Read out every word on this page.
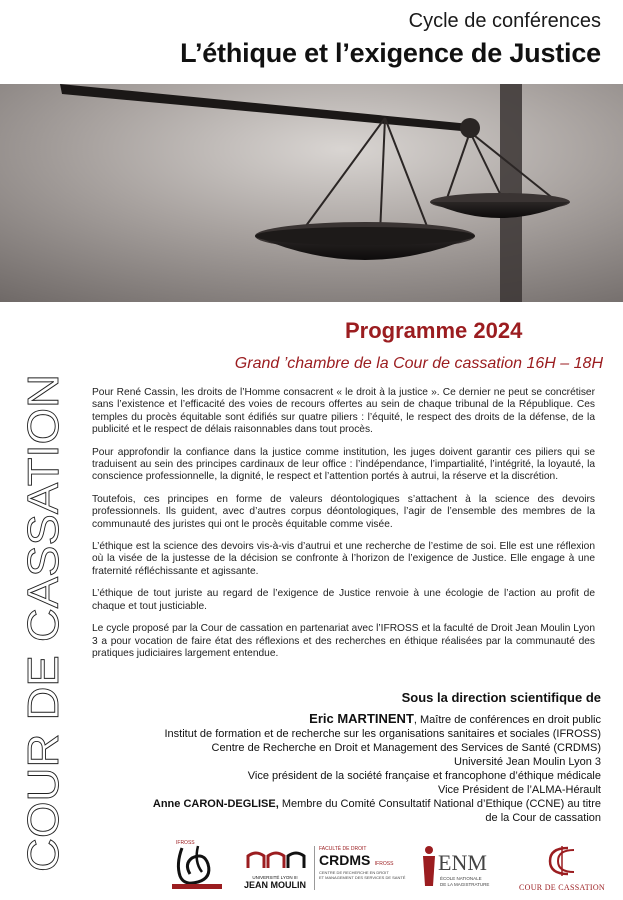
Cycle de conférences
L’éthique et l’exigence de Justice
COUR DE CASSATION
Programme 2024
Grand ’chambre de la Cour de cassation 16H – 18H

Pour René Cassin, les droits de l’Homme consacrent « le droit à la justice ». Ce dernier ne peut se concrétiser sans l’existence et l’efficacité des voies de recours offertes au sein de chaque tribunal de la République. Ces temples du procès équitable sont édifiés sur quatre piliers : l’équité, le respect des droits de la défense, de la publicité et le respect de délais raisonnables dans tout procès.

Pour approfondir la confiance dans la justice comme institution, les juges doivent garantir ces piliers qui se traduisent au sein des principes cardinaux de leur office : l’indépendance, l’impartialité, l’intégrité, la loyauté, la conscience professionnelle, la dignité, le respect et l’attention portés à autrui, la réserve et la discrétion.

Toutefois, ces principes en forme de valeurs déontologiques s’attachent à la science des devoirs professionnels. Ils guident, avec d’autres corpus déontologiques, l’agir de l’ensemble des membres de la communauté des juristes qui ont le procès équitable comme visée.

L’éthique est la science des devoirs vis-à-vis d’autrui et une recherche de l’estime de soi. Elle est une réflexion où la visée de la justesse de la décision se confronte à l’horizon de l’exigence de Justice. Elle engage à une fraternité réfléchissante et agissante.

L’éthique de tout juriste au regard de l’exigence de Justice renvoie à une écologie de l’action au profit de chaque et tout justiciable.

Le cycle proposé par la Cour de cassation en partenariat avec l’IFROSS et la faculté de Droit Jean Moulin Lyon 3 a pour vocation de faire état des réflexions et des recherches en éthique réalisées par la communauté des pratiques judiciaires largement entendue.

Sous la direction scientifique de
Eric MARTINENT, Maître de conférences en droit public
Institut de formation et de recherche sur les organisations sanitaires et sociales (IFROSS)
Centre de Recherche en Droit et Management des Services de Santé (CRDMS)
Université Jean Moulin Lyon 3
Vice président de la société française et francophone d’éthique médicale
Vice Président de l’ALMA-Hérault
Anne CARON-DEGLISE, Membre du Comité Consultatif National d’Ethique (CCNE) au titre
de la Cour de cassation
IFROSS
UNIVERSITÉ LYON III
JEAN MOULIN
FACULTÉ DE DROIT
CRDMS IFROSS
CENTRE DE RECHERCHE EN DROIT
ET MANAGEMENT DES SERVICES DE SANTÉ
ENM
ÉCOLE NATIONALE
DE LA MAGISTRATURE	COUR DE CASSATION
